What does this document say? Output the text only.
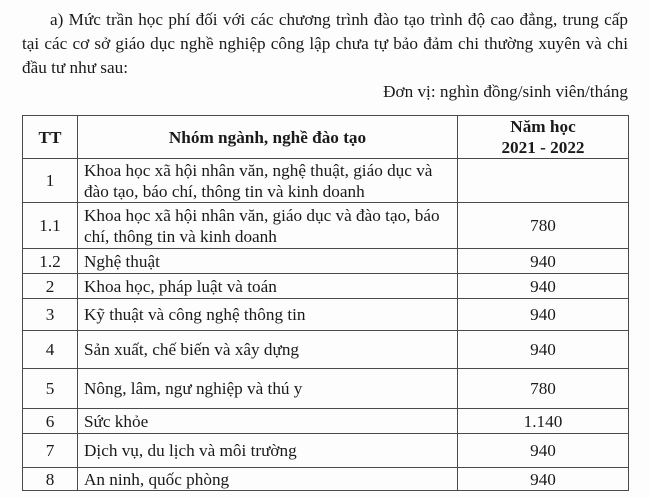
a) Mức trần học phí đối với các chương trình đào tạo trình độ cao đẳng, trung cấp tại các cơ sở giáo dục nghề nghiệp công lập chưa tự bảo đảm chi thường xuyên và chi đầu tư như sau:

Đơn vị: nghìn đồng/sinh viên/tháng
TT	Nhóm ngành, nghề đào tạo	Năm học
2021 - 2022

1	Khoa học xã hội nhân văn, nghệ thuật, giáo dục và đào tạo, báo chí, thông tin và kinh doanh	
1.1	Khoa học xã hội nhân văn, giáo dục và đào tạo, báo chí, thông tin và kinh doanh	780
1.2	Nghệ thuật	940
2	Khoa học, pháp luật và toán	940
3	Kỹ thuật và công nghệ thông tin	940
4	Sản xuất, chế biến và xây dựng	940
5	Nông, lâm, ngư nghiệp và thú y	780
6	Sức khỏe	1.140
7	Dịch vụ, du lịch và môi trường	940
8	An ninh, quốc phòng	940
